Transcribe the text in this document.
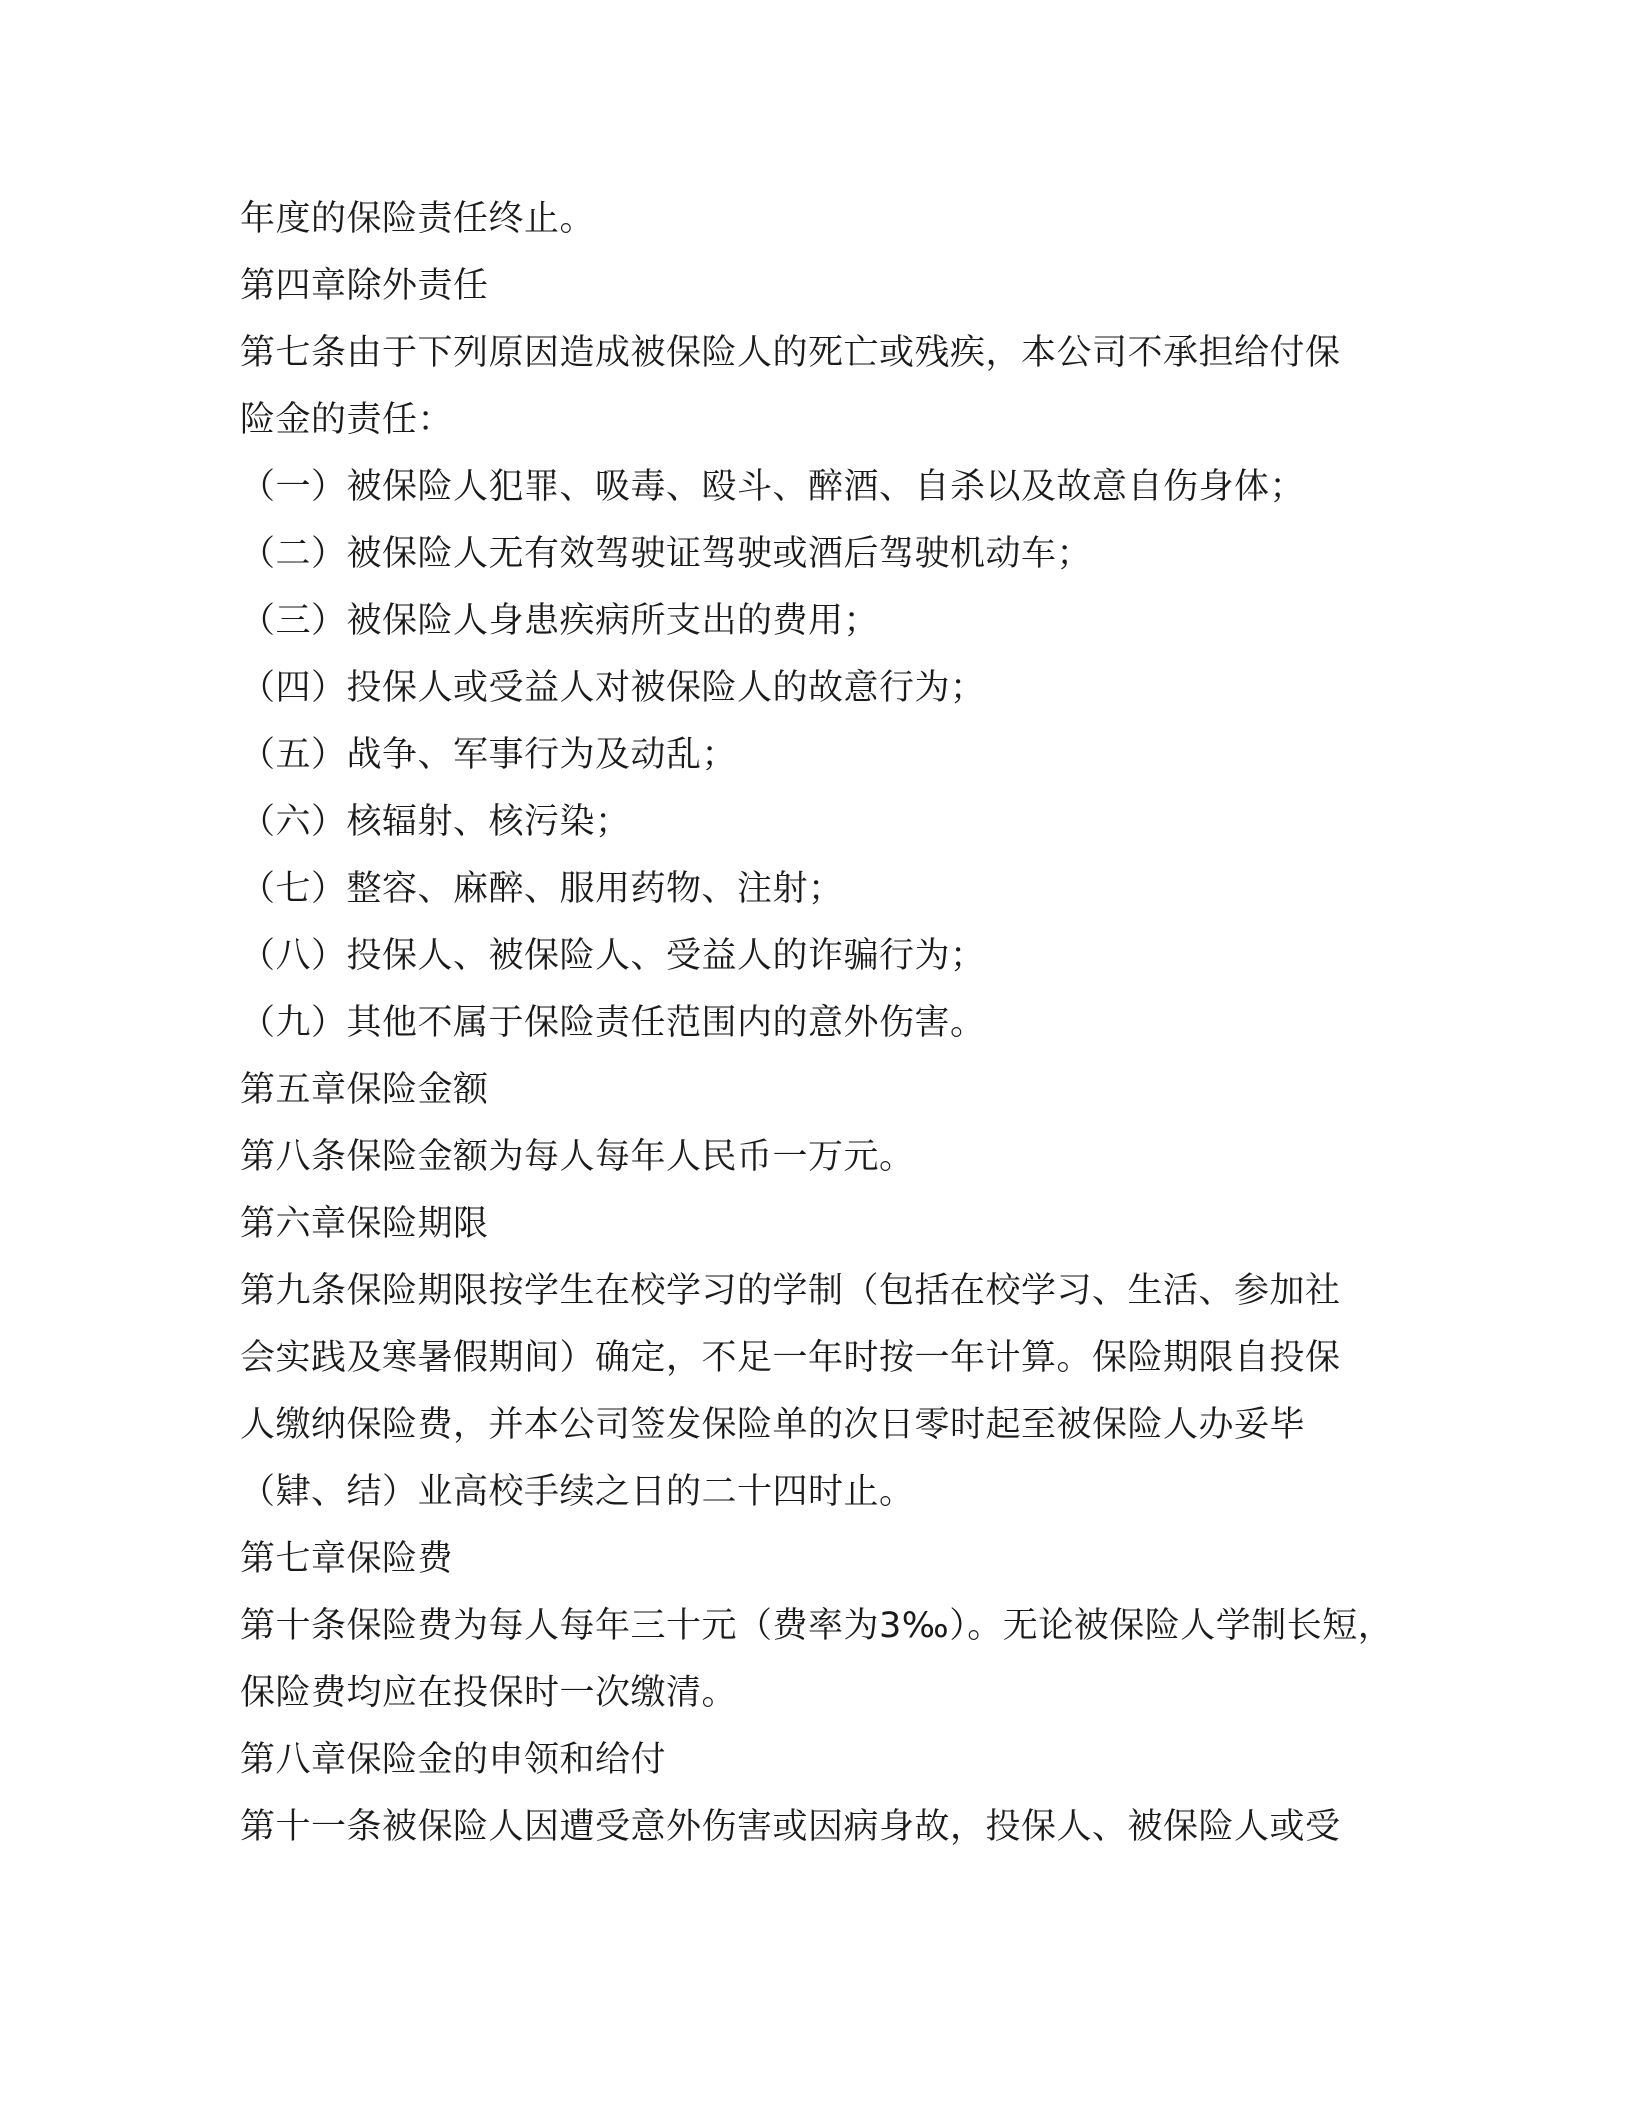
年度的保险责任终止。
第四章除外责任
第七条由于下列原因造成被保险人的死亡或残疾，本公司不承担给付保
险金的责任：
（一）被保险人犯罪、吸毒、殴斗、醉酒、自杀以及故意自伤身体；
（二）被保险人无有效驾驶证驾驶或酒后驾驶机动车；
（三）被保险人身患疾病所支出的费用；
（四）投保人或受益人对被保险人的故意行为；
（五）战争、军事行为及动乱；
（六）核辐射、核污染；
（七）整容、麻醉、服用药物、注射；
（八）投保人、被保险人、受益人的诈骗行为；
（九）其他不属于保险责任范围内的意外伤害。
第五章保险金额
第八条保险金额为每人每年人民币一万元。
第六章保险期限
第九条保险期限按学生在校学习的学制（包括在校学习、生活、参加社
会实践及寒暑假期间）确定，不足一年时按一年计算。保险期限自投保
人缴纳保险费，并本公司签发保险单的次日零时起至被保险人办妥毕
（肄、结）业高校手续之日的二十四时止。
第七章保险费
第十条保险费为每人每年三十元（费率为3‰）。无论被保险人学制长短，
保险费均应在投保时一次缴清。
第八章保险金的申领和给付
第十一条被保险人因遭受意外伤害或因病身故，投保人、被保险人或受
